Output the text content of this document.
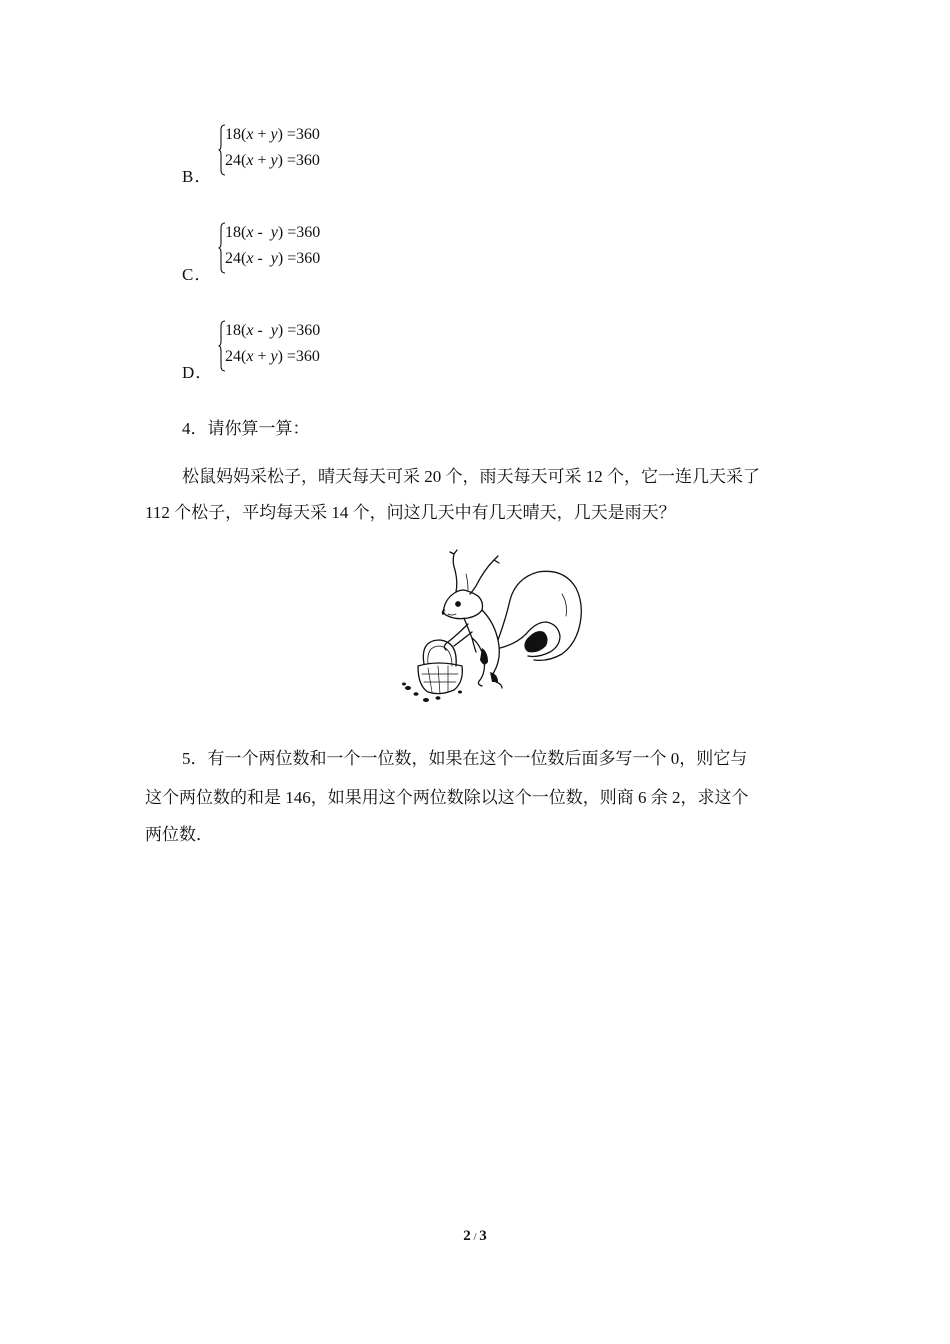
B．
18(x + y) =360
24(x + y) =360
C．
18(x -  y) =360
24(x -  y) =360
D．
18(x -  y) =360
24(x + y) =360
4．请你算一算：
松鼠妈妈采松子，晴天每天可采 20 个，雨天每天可采 12 个，它一连几天采了
112 个松子，平均每天采 14 个，问这几天中有几天晴天，几天是雨天？
5．有一个两位数和一个一位数，如果在这个一位数后面多写一个 0，则它与
这个两位数的和是 146，如果用这个两位数除以这个一位数，则商 6 余 2，求这个
两位数．
2 / 3
